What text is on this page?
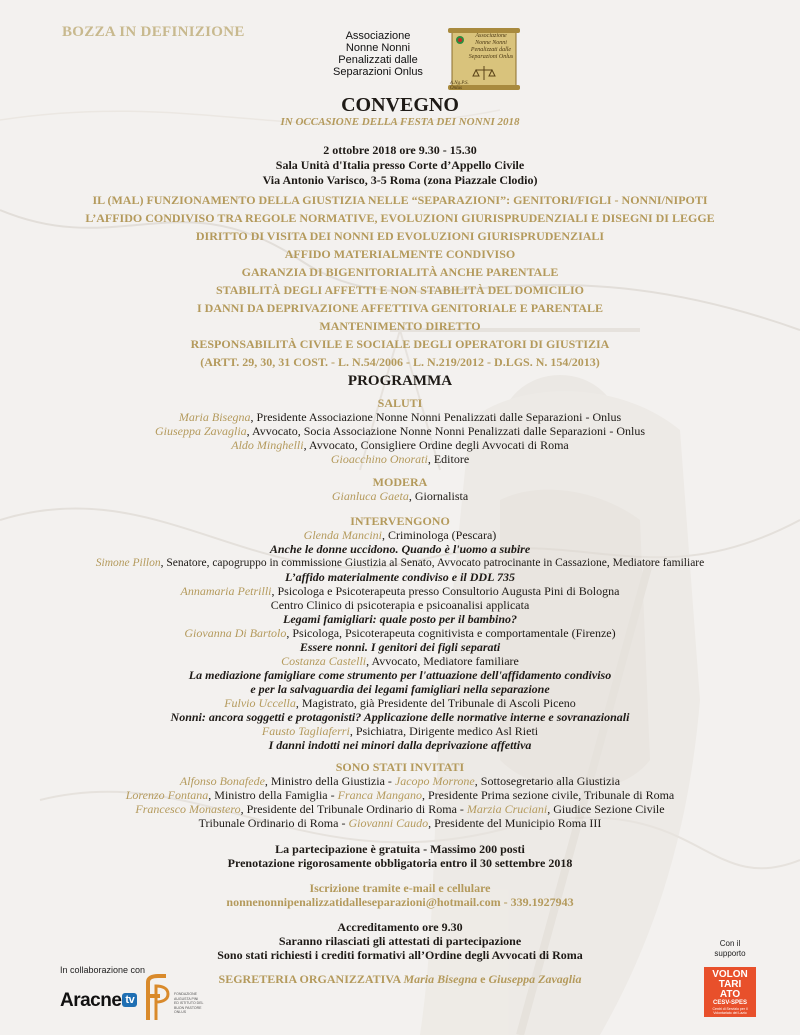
BOZZA IN DEFINIZIONE	Associazione
Nonne Nonni
Penalizzati dalle
Separazioni Onlus
Associazione
Nonne Nonni
Penalizzati dalle
Separazioni Onlus
A.Ng.P.S. Onlus
CONVEGNO
IN OCCASIONE DELLA FESTA DEI NONNI 2018
2 ottobre 2018 ore 9.30 - 15.30
Sala Unità d'Italia presso Corte d’Appello Civile
Via Antonio Varisco, 3-5 Roma (zona Piazzale Clodio)
IL (MAL) FUNZIONAMENTO DELLA GIUSTIZIA NELLE “SEPARAZIONI”: GENITORI/FIGLI - NONNI/NIPOTI
L’AFFIDO CONDIVISO TRA REGOLE NORMATIVE, EVOLUZIONI GIURISPRUDENZIALI E DISEGNI DI LEGGE
DIRITTO DI VISITA DEI NONNI ED EVOLUZIONI GIURISPRUDENZIALI
AFFIDO MATERIALMENTE CONDIVISO
GARANZIA DI BIGENITORIALITÀ ANCHE PARENTALE
STABILITÀ DEGLI AFFETTI E NON STABILITÀ DEL DOMICILIO
I DANNI DA DEPRIVAZIONE AFFETTIVA GENITORIALE E PARENTALE
MANTENIMENTO DIRETTO
RESPONSABILITÀ CIVILE E SOCIALE DEGLI OPERATORI DI GIUSTIZIA
(ARTT. 29, 30, 31 COST. - L. N.54/2006 - L. N.219/2012 - D.LGS. N. 154/2013)
PROGRAMMA
SALUTI
Maria Bisegna, Presidente Associazione Nonne Nonni Penalizzati dalle Separazioni - Onlus
Giuseppa Zavaglia, Avvocato, Socia Associazione Nonne Nonni Penalizzati dalle Separazioni - Onlus
Aldo Minghelli, Avvocato, Consigliere Ordine degli Avvocati di Roma
Gioacchino Onorati, Editore
MODERA
Gianluca Gaeta, Giornalista
INTERVENGONO
Glenda Mancini, Criminologa (Pescara)
Anche le donne uccidono. Quando è l'uomo a subire
Simone Pillon, Senatore, capogruppo in commissione Giustizia al Senato, Avvocato patrocinante in Cassazione, Mediatore familiare
L’affido materialmente condiviso e il DDL 735
Annamaria Petrilli, Psicologa e Psicoterapeuta presso Consultorio Augusta Pini di Bologna
Centro Clinico di psicoterapia e psicoanalisi applicata
Legami famigliari: quale posto per il bambino?
Giovanna Di Bartolo, Psicologa, Psicoterapeuta cognitivista e comportamentale (Firenze)
Essere nonni. I genitori dei figli separati
Costanza Castelli, Avvocato, Mediatore familiare
La mediazione famigliare come strumento per l'attuazione dell'affidamento condiviso
e per la salvaguardia dei legami famigliari nella separazione
Fulvio Uccella, Magistrato, già Presidente del Tribunale di Ascoli Piceno
Nonni: ancora soggetti e protagonisti? Applicazione delle normative interne e sovranazionali
Fausto Tagliaferri, Psichiatra, Dirigente medico Asl Rieti
I danni indotti nei minori dalla deprivazione affettiva
SONO STATI INVITATI
Alfonso Bonafede, Ministro della Giustizia - Jacopo Morrone, Sottosegretario alla Giustizia
Lorenzo Fontana, Ministro della Famiglia - Franca Mangano, Presidente Prima sezione civile, Tribunale di Roma
Francesco Monastero, Presidente del Tribunale Ordinario di Roma - Marzia Cruciani, Giudice Sezione Civile
Tribunale Ordinario di Roma - Giovanni Caudo, Presidente del Municipio Roma III
La partecipazione è gratuita - Massimo 200 posti
Prenotazione rigorosamente obbligatoria entro il 30 settembre 2018
Iscrizione tramite e-mail e cellulare
nonnenonnipenalizzatidalleseparazioni@hotmail.com - 339.1927943
Accreditamento ore 9.30
Saranno rilasciati gli attestati di partecipazione
Sono stati richiesti i crediti formativi all’Ordine degli Avvocati di Roma
SEGRETERIA ORGANIZZATIVA Maria Bisegna e Giuseppa Zavaglia
In collaborazione con
Aracne tv	FONDAZIONE
AUGUSTA PINI
ED ISTITUTO DEL
BUON PASTORE
ONLUS
Con il
supporto
VOLON
TARI
ATO
CESV-SPES
Centri di Servizio per il Volontariato del Lazio
